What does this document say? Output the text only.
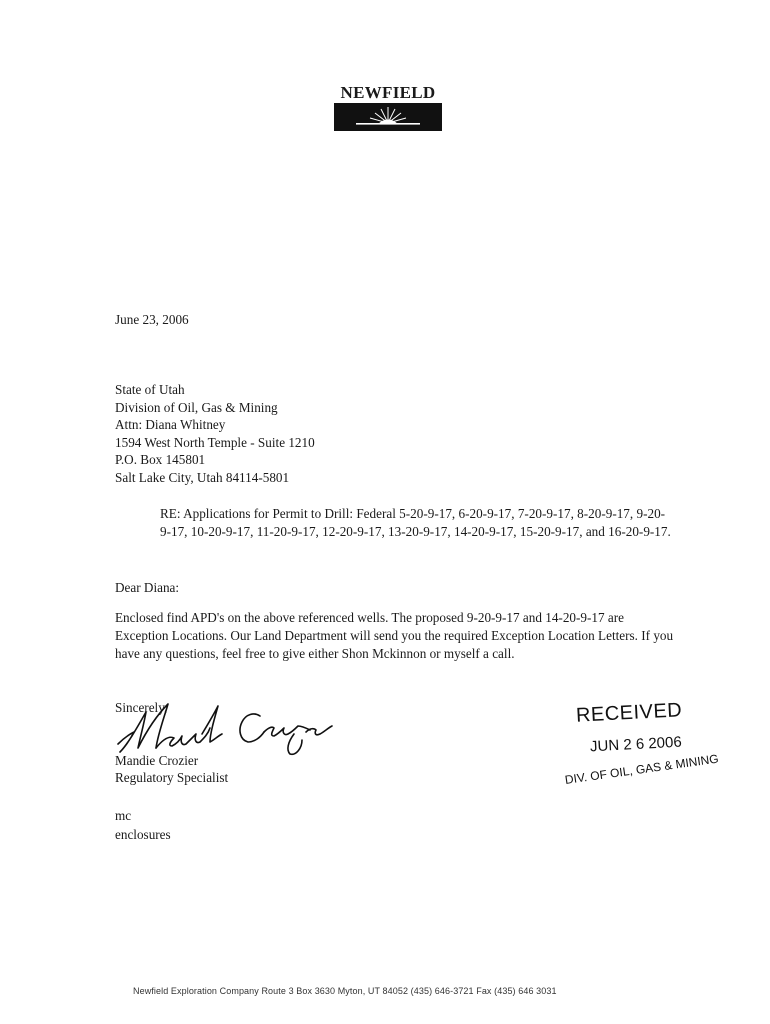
NEWFIELD
June 23, 2006
State of Utah
Division of Oil, Gas & Mining
Attn: Diana Whitney
1594 West North Temple - Suite 1210
P.O. Box 145801
Salt Lake City, Utah 84114-5801
RE: Applications for Permit to Drill: Federal 5-20-9-17, 6-20-9-17, 7-20-9-17, 8-20-9-17, 9-20-9-17, 10-20-9-17, 11-20-9-17, 12-20-9-17, 13-20-9-17, 14-20-9-17, 15-20-9-17, and 16-20-9-17.
Dear Diana:
Enclosed find APD's on the above referenced wells. The proposed 9-20-9-17 and 14-20-9-17 are Exception Locations. Our Land Department will send you the required Exception Location Letters. If you have any questions, feel free to give either Shon Mckinnon or myself a call.
Sincerely,
Mandie Crozier
Regulatory Specialist
mc
enclosures
RECEIVED
JUN 2 6 2006
DIV. OF OIL, GAS & MINING
Newfield Exploration Company Route 3 Box 3630 Myton, UT 84052 (435) 646-3721 Fax (435) 646 3031
